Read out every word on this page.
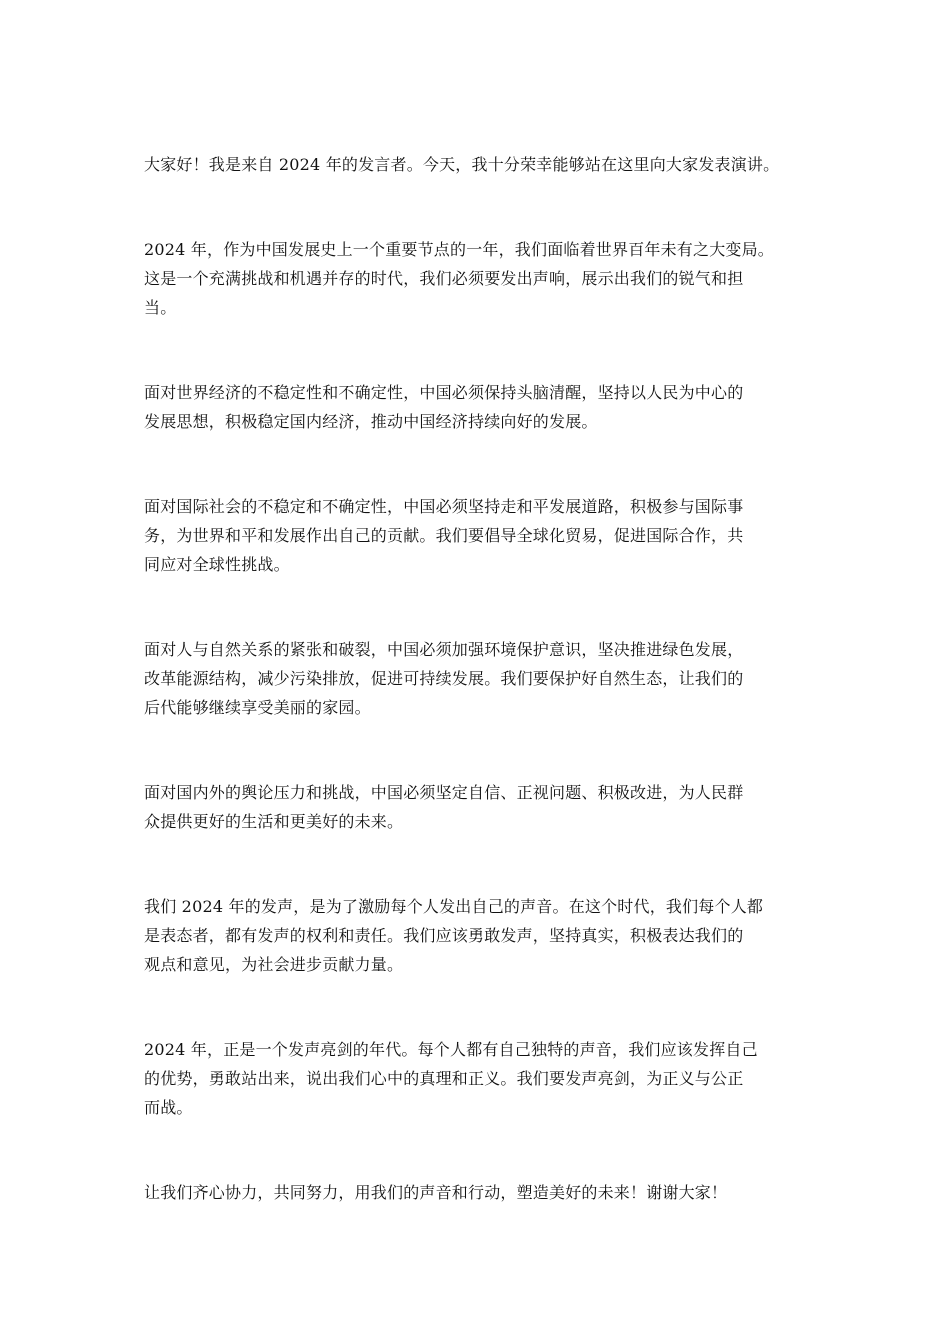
大家好！我是来自 2024 年的发言者。今天，我十分荣幸能够站在这里向大家发表演讲。

2024 年，作为中国发展史上一个重要节点的一年，我们面临着世界百年未有之大变局。
这是一个充满挑战和机遇并存的时代，我们必须要发出声响，展示出我们的锐气和担
当。

面对世界经济的不稳定性和不确定性，中国必须保持头脑清醒，坚持以人民为中心的
发展思想，积极稳定国内经济，推动中国经济持续向好的发展。

面对国际社会的不稳定和不确定性，中国必须坚持走和平发展道路，积极参与国际事
务，为世界和平和发展作出自己的贡献。我们要倡导全球化贸易，促进国际合作，共
同应对全球性挑战。

面对人与自然关系的紧张和破裂，中国必须加强环境保护意识，坚决推进绿色发展，
改革能源结构，减少污染排放，促进可持续发展。我们要保护好自然生态，让我们的
后代能够继续享受美丽的家园。

面对国内外的舆论压力和挑战，中国必须坚定自信、正视问题、积极改进，为人民群
众提供更好的生活和更美好的未来。

我们 2024 年的发声，是为了激励每个人发出自己的声音。在这个时代，我们每个人都
是表态者，都有发声的权利和责任。我们应该勇敢发声，坚持真实，积极表达我们的
观点和意见，为社会进步贡献力量。

2024 年，正是一个发声亮剑的年代。每个人都有自己独特的声音，我们应该发挥自己
的优势，勇敢站出来，说出我们心中的真理和正义。我们要发声亮剑，为正义与公正
而战。

让我们齐心协力，共同努力，用我们的声音和行动，塑造美好的未来！谢谢大家！
